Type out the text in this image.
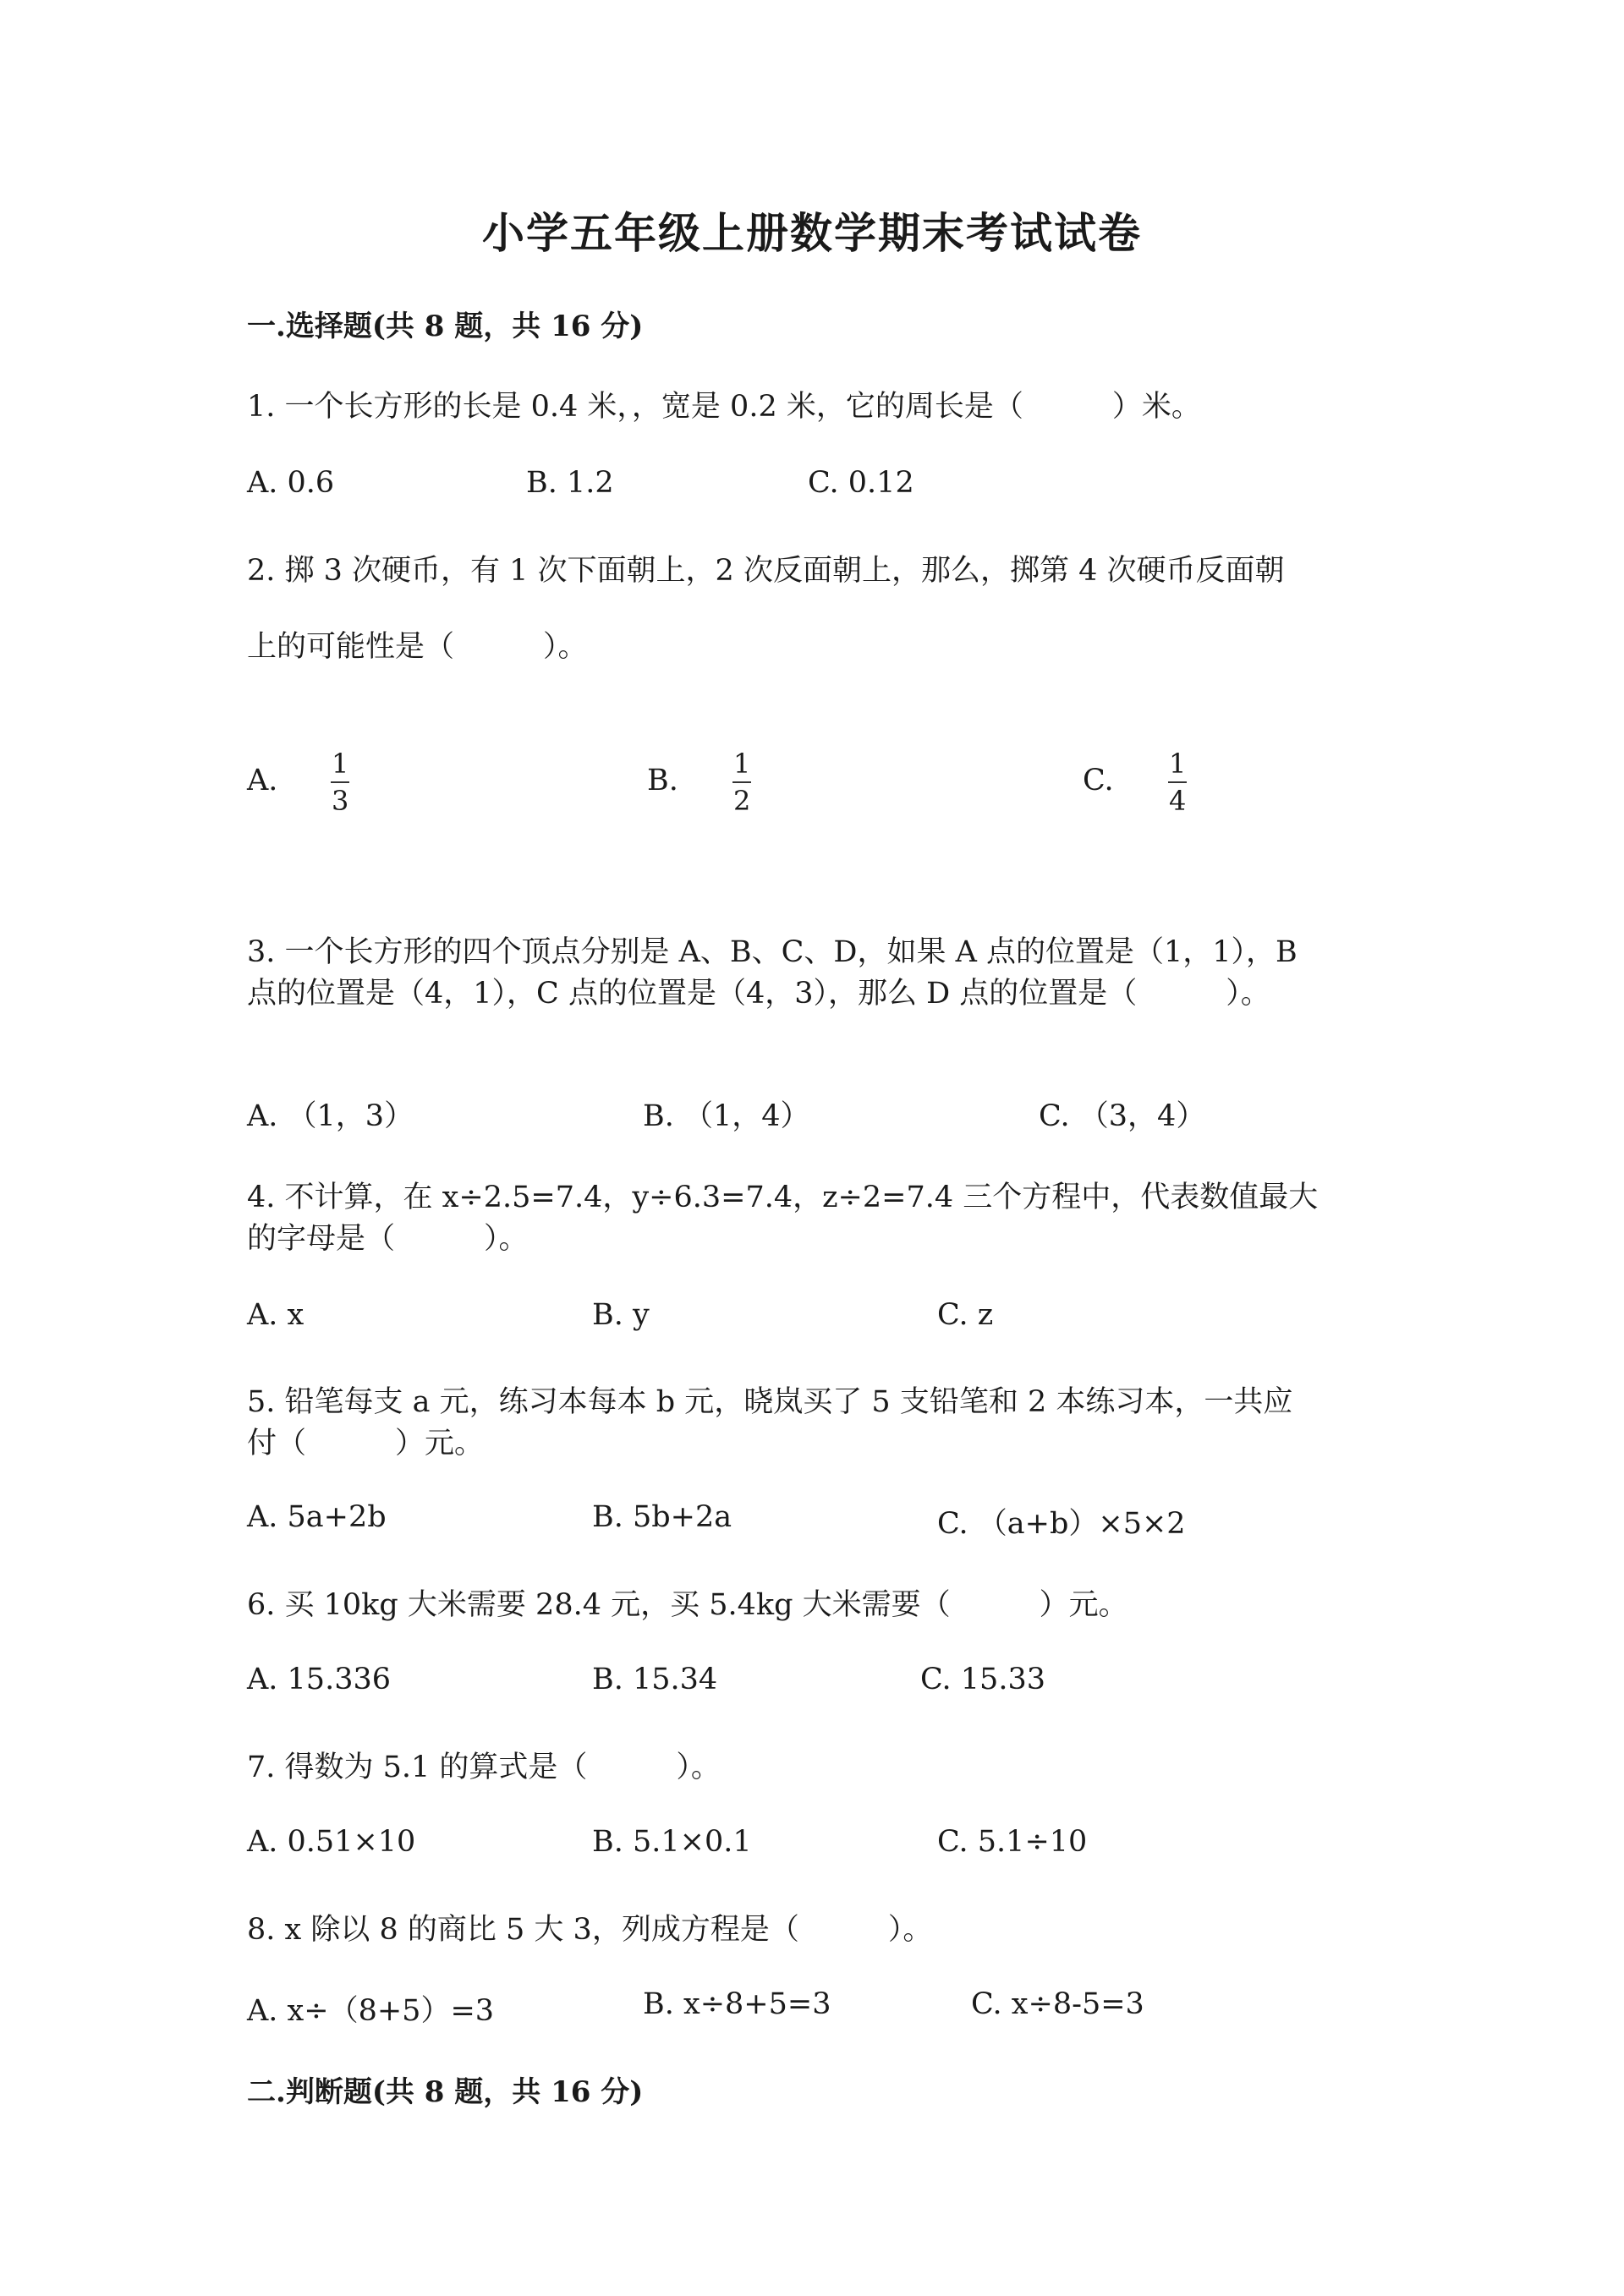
小学五年级上册数学期末考试试卷
一.选择题(共 8 题，共 16 分)
1. 一个长方形的长是 0.4 米，，宽是 0.2 米，它的周长是（　　　）米。
A. 0.6	B. 1.2	C. 0.12
2. 掷 3 次硬币，有 1 次下面朝上，2 次反面朝上，那么，掷第 4 次硬币反面朝
上的可能性是（　　　）。
A. 1
3
B. 1
2
C. 1
4
3. 一个长方形的四个顶点分别是 A、B、C、D，如果 A 点的位置是（1，1），B
点的位置是（4，1），C 点的位置是（4，3），那么 D 点的位置是（　　　）。
A. （1，3）	B. （1，4）	C. （3，4）
4. 不计算，在 x÷2.5=7.4，y÷6.3=7.4，z÷2=7.4 三个方程中，代表数值最大
的字母是（　　　）。
A. x	B. y	C. z
5. 铅笔每支 a 元，练习本每本 b 元，晓岚买了 5 支铅笔和 2 本练习本，一共应
付（　　　）元。
A. 5a+2b	B. 5b+2a	C. （a+b）×5×2
6. 买 10kg 大米需要 28.4 元，买 5.4kg 大米需要（　　　）元。
A. 15.336	B. 15.34	C. 15.33
7. 得数为 5.1 的算式是（　　　）。
A. 0.51×10	B. 5.1×0.1	C. 5.1÷10
8. x 除以 8 的商比 5 大 3，列成方程是（　　　）。
A. x÷（8+5）=3	B. x÷8+5=3	C. x÷8-5=3
二.判断题(共 8 题，共 16 分)
